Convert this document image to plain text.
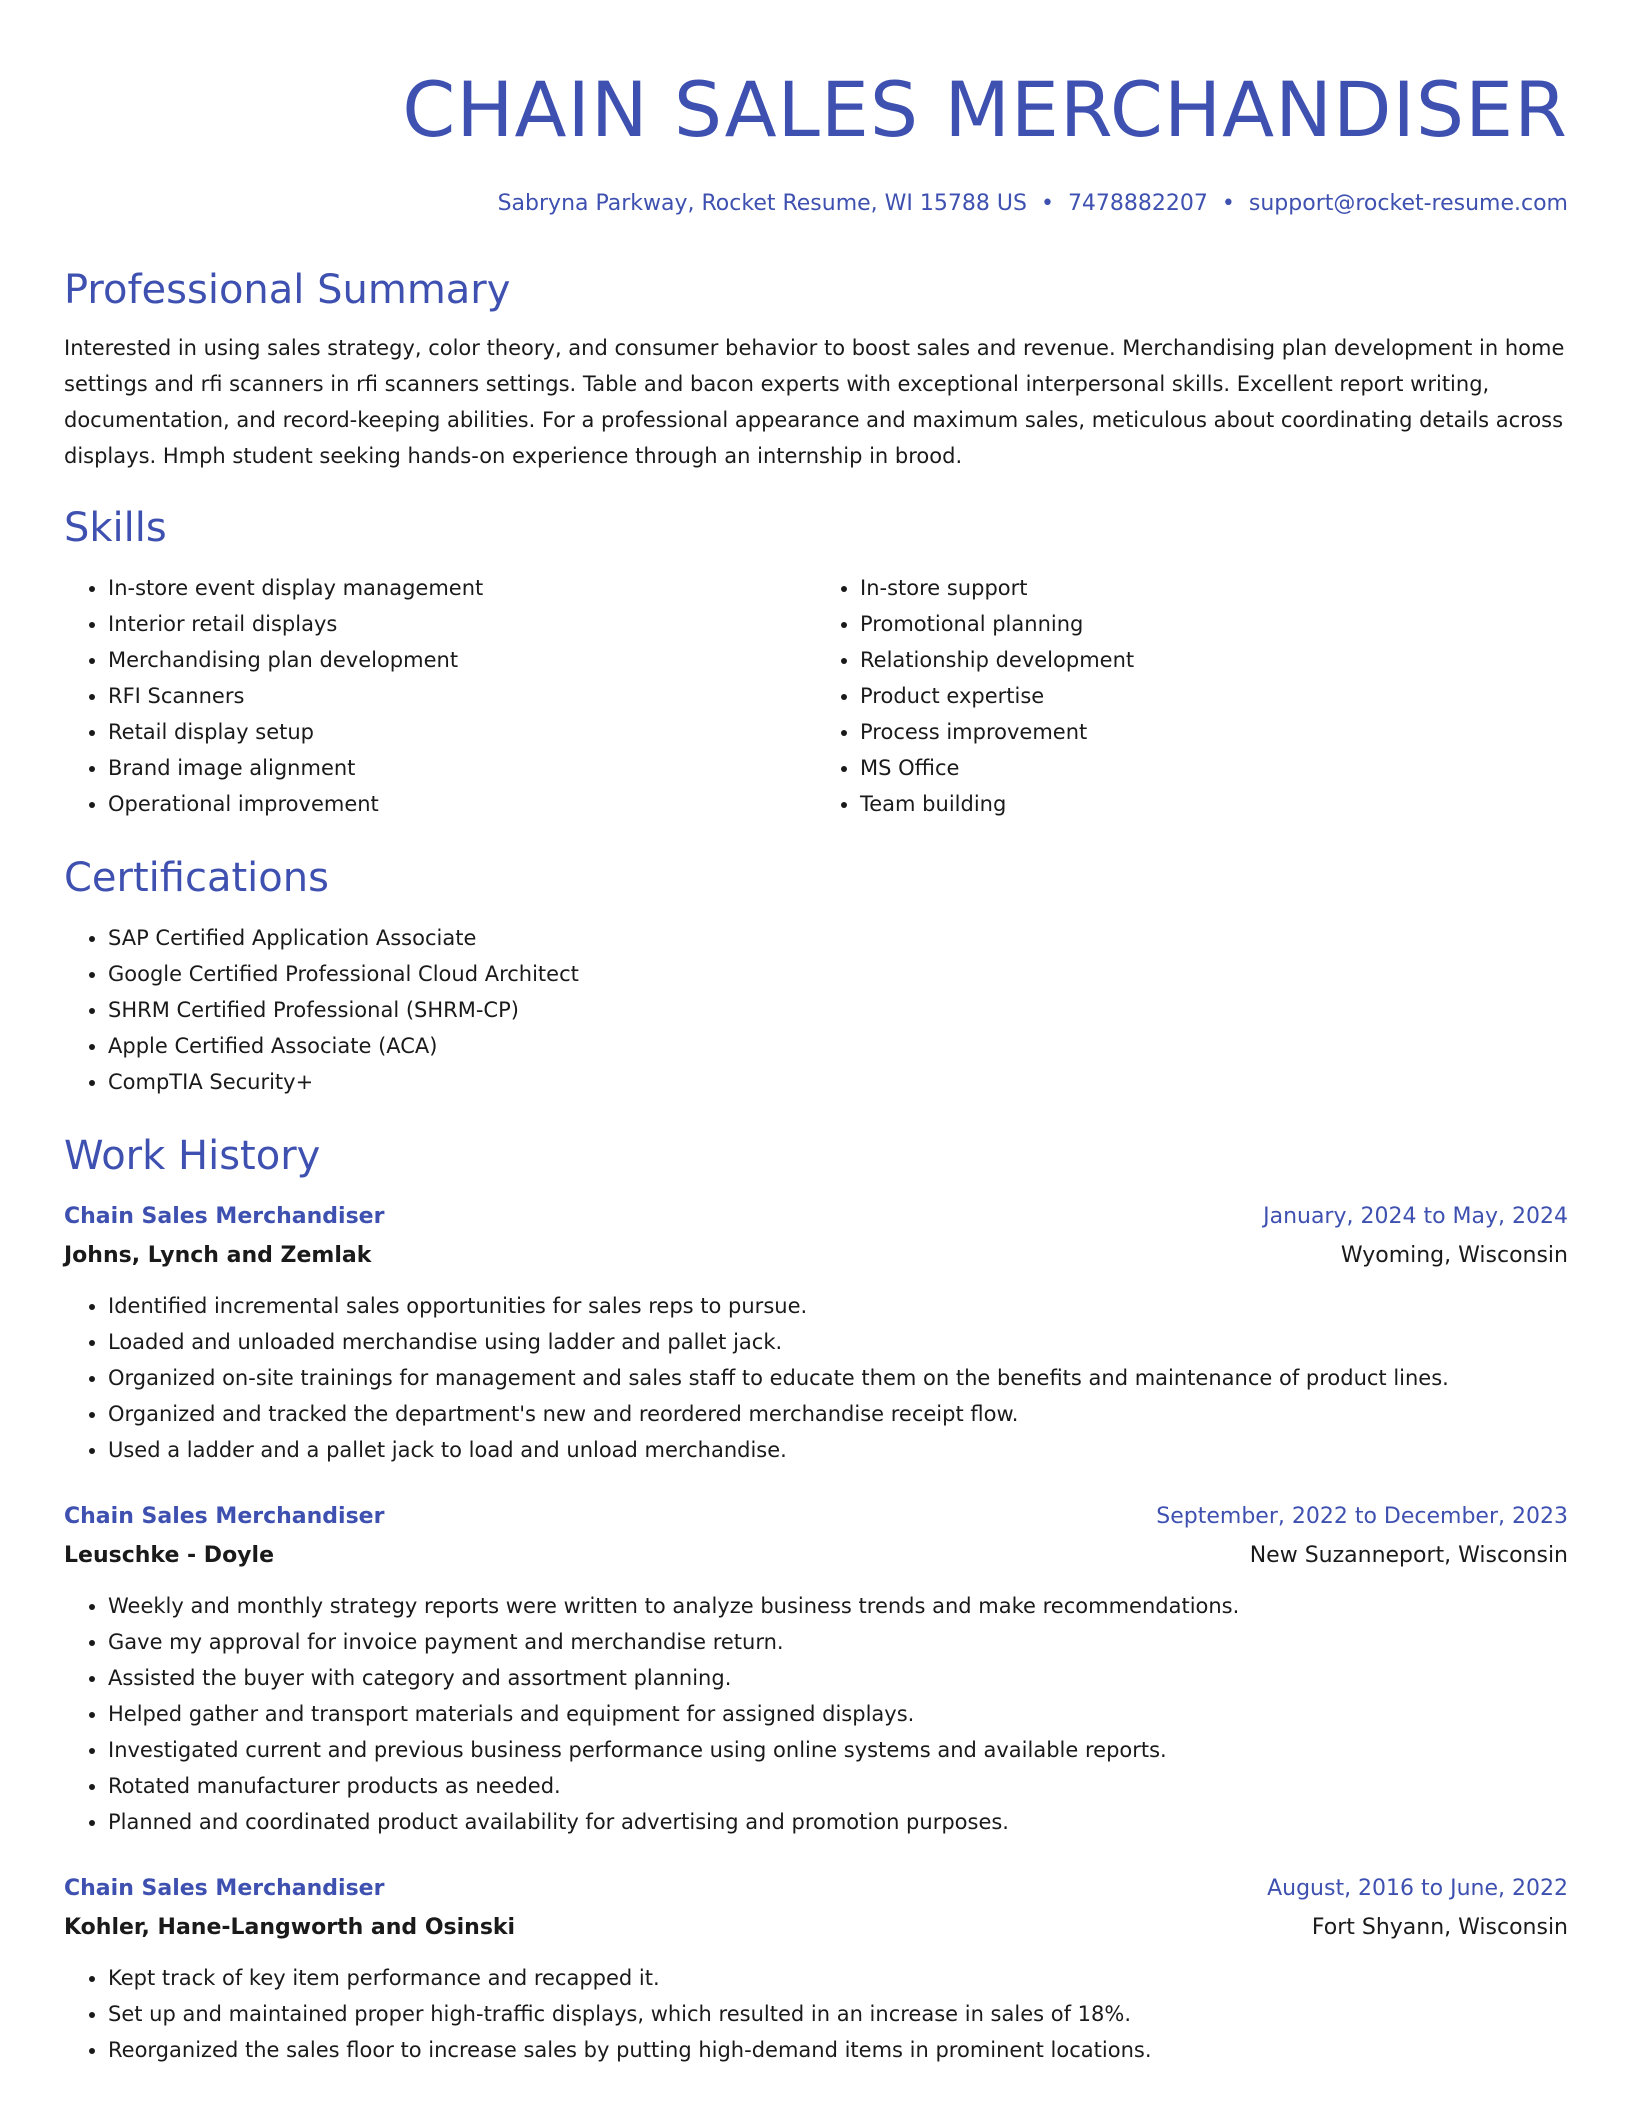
CHAIN SALES MERCHANDISER
Sabryna Parkway, Rocket Resume, WI 15788 US • 7478882207 • support@rocket-resume.com
Professional Summary

Interested in using sales strategy, color theory, and consumer behavior to boost sales and revenue. Merchandising plan development in home settings and rfi scanners in rfi scanners settings. Table and bacon experts with exceptional interpersonal skills. Excellent report writing, documentation, and record-keeping abilities. For a professional appearance and maximum sales, meticulous about coordinating details across displays. Hmph student seeking hands-on experience through an internship in brood.

Skills
• In-store event display management
• Interior retail displays
• Merchandising plan development
• RFI Scanners
• Retail display setup
• Brand image alignment
• Operational improvement
• In-store support
• Promotional planning
• Relationship development
• Product expertise
• Process improvement
• MS Office
• Team building
Certifications
• SAP Certified Application Associate
• Google Certified Professional Cloud Architect
• SHRM Certified Professional (SHRM-CP)
• Apple Certified Associate (ACA)
• CompTIA Security+
Work History
Chain Sales Merchandiser	January, 2024 to May, 2024
Johns, Lynch and Zemlak	Wyoming, Wisconsin
• Identified incremental sales opportunities for sales reps to pursue.
• Loaded and unloaded merchandise using ladder and pallet jack.
• Organized on-site trainings for management and sales staff to educate them on the benefits and maintenance of product lines.
• Organized and tracked the department's new and reordered merchandise receipt flow.
• Used a ladder and a pallet jack to load and unload merchandise.
Chain Sales Merchandiser	September, 2022 to December, 2023
Leuschke - Doyle	New Suzanneport, Wisconsin
• Weekly and monthly strategy reports were written to analyze business trends and make recommendations.
• Gave my approval for invoice payment and merchandise return.
• Assisted the buyer with category and assortment planning.
• Helped gather and transport materials and equipment for assigned displays.
• Investigated current and previous business performance using online systems and available reports.
• Rotated manufacturer products as needed.
• Planned and coordinated product availability for advertising and promotion purposes.
Chain Sales Merchandiser	August, 2016 to June, 2022
Kohler, Hane-Langworth and Osinski	Fort Shyann, Wisconsin
• Kept track of key item performance and recapped it.
• Set up and maintained proper high-traffic displays, which resulted in an increase in sales of 18%.
• Reorganized the sales floor to increase sales by putting high-demand items in prominent locations.
